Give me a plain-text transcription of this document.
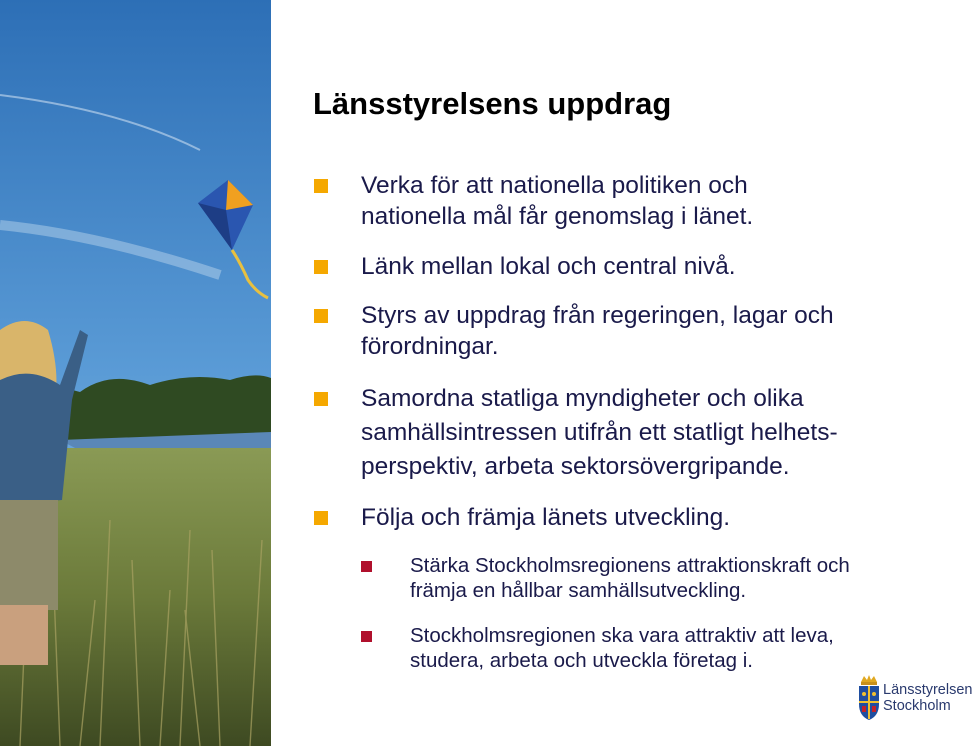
Länsstyrelsens uppdrag
Verka för att nationella politiken och
nationella mål får genomslag i länet.
Länk mellan lokal och central nivå.
Styrs av uppdrag från regeringen, lagar och
förordningar.
Samordna statliga myndigheter och olika
samhällsintressen utifrån ett statligt helhets-
perspektiv, arbeta sektorsövergripande.
Följa och främja länets utveckling.
Stärka Stockholmsregionens attraktionskraft och
främja en hållbar samhällsutveckling.
Stockholmsregionen ska vara attraktiv att leva,
studera, arbeta och utveckla företag i.
Länsstyrelsen
Stockholm
